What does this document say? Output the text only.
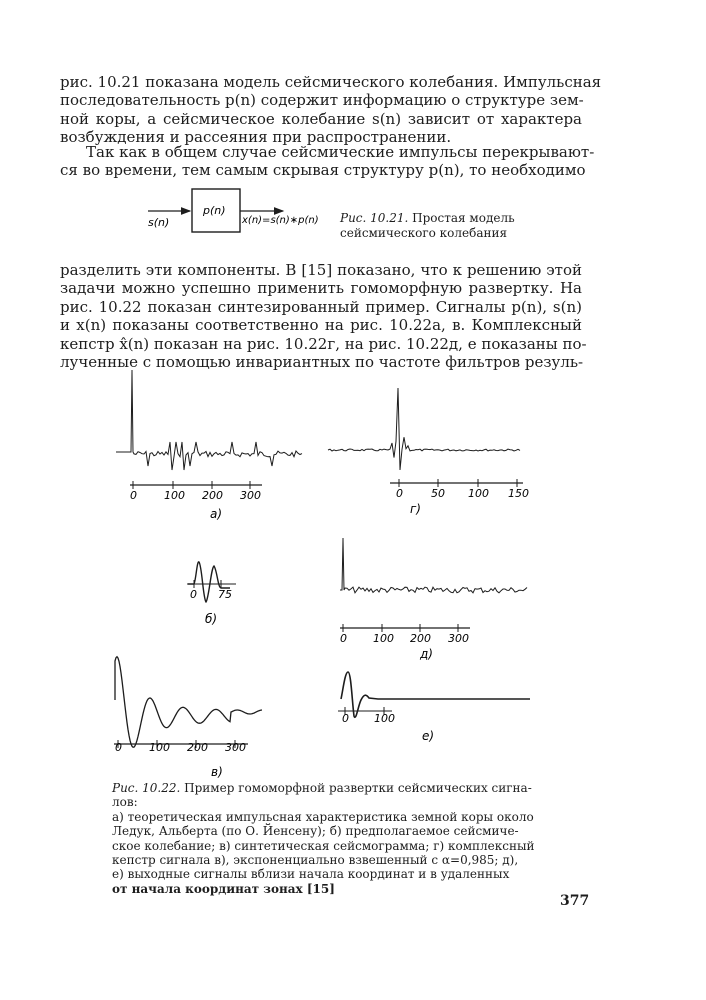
рис. 10.21 показана модель сейсмического колебания. Импульсная
последовательность p(n) содержит информацию о структуре зем-
ной коры, а сейсмическое колебание s(n) зависит от характера
возбуждения и рассеяния при распространении.
Так как в общем случае сейсмические импульсы перекрывают-
ся во времени, тем самым скрывая структуру p(n), то необходимо
разделить эти компоненты. В [15] показано, что к решению этой
задачи можно успешно применить гомоморфную развертку. На
рис. 10.22 показан синтезированный пример. Сигналы p(n), s(n)
и x(n) показаны соответственно на рис. 10.22а, в. Комплексный
кепстр x̂(n) показан на рис. 10.22г, на рис. 10.22д, е показаны по-
лученные с помощью инвариантных по частоте фильтров резуль-
Рис. 10.21. Простая модель
сейсмического колебания
s(n)
p(n)
x(n)=s(n)∗p(n)
0 100 200 300
а)
0	50 100 150
г)
0 75
б)
0 100 200 300
д)
0 100 200 300
в)
0 100
е)
Рис. 10.22. Пример гомоморфной развертки сейсмических сигна-
лов:
а) теоретическая импульсная характеристика земной коры около
Ледук, Альберта (по О. Йенсену); б) предполагаемое сейсмиче-
ское колебание; в) синтетическая сейсмограмма; г) комплексный
кепстр сигнала в), экспоненциально взвешенный с α=0,985; д),
е) выходные сигналы вблизи начала координат и в удаленных
от начала координат зонах [15]
377
